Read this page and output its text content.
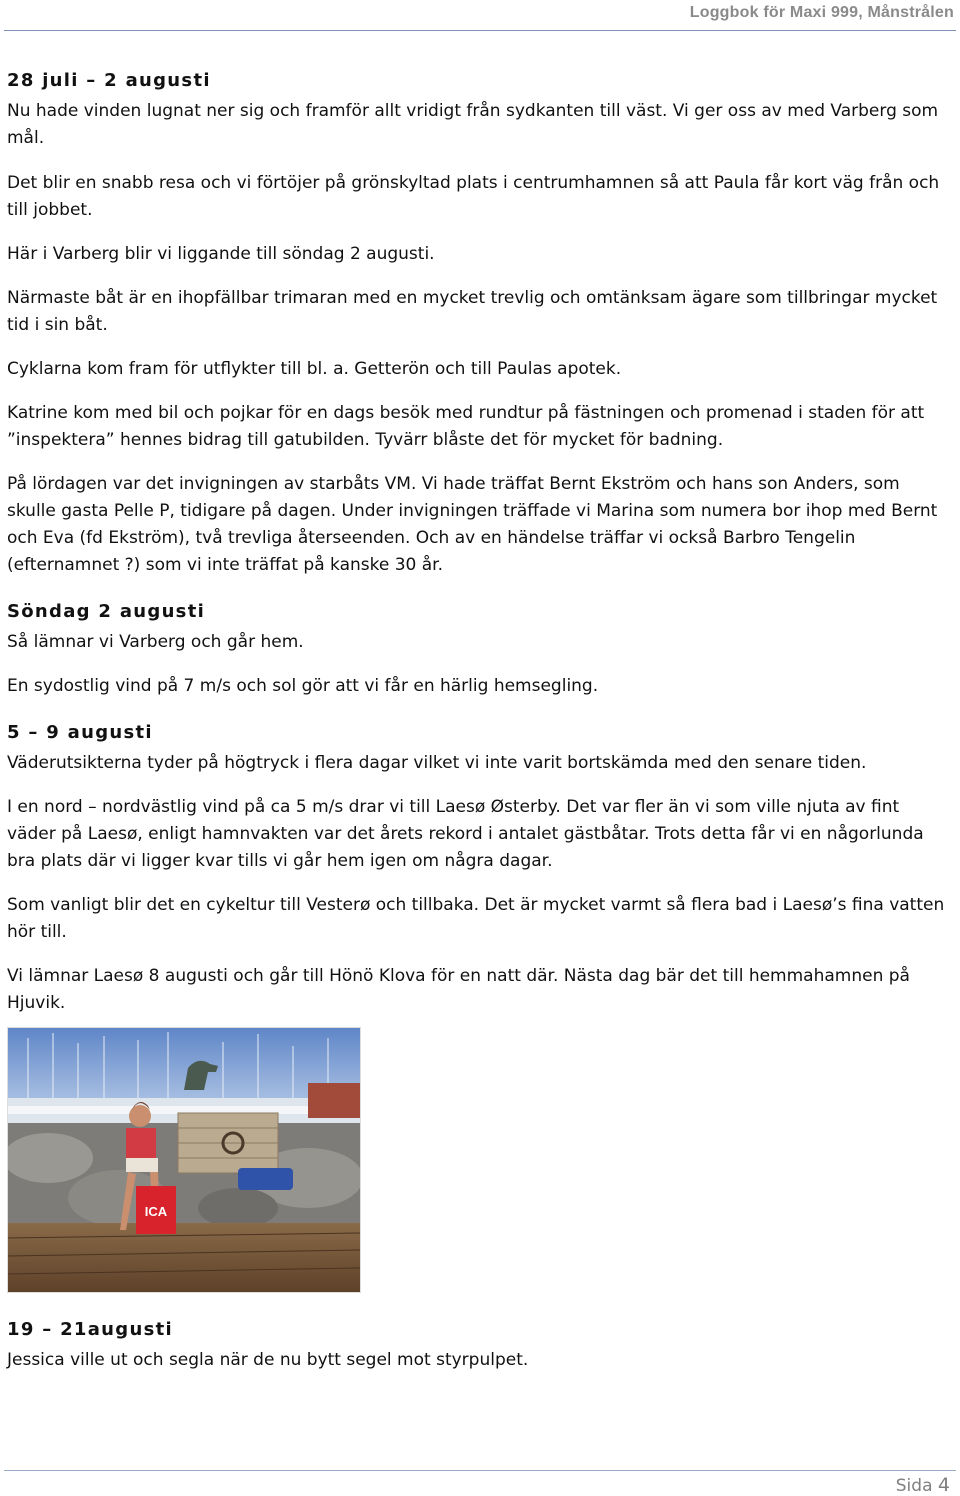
Loggbok för Maxi 999, Månstrålen
28 juli – 2 augusti

Nu hade vinden lugnat ner sig och framför allt vridigt från sydkanten till väst. Vi ger oss av med Varberg som mål.

Det blir en snabb resa och vi förtöjer på grönskyltad plats i centrumhamnen så att Paula får kort väg från och till jobbet.

Här i Varberg blir vi liggande till söndag 2 augusti.

Närmaste båt är en ihopfällbar trimaran med en mycket trevlig och omtänksam ägare som tillbringar mycket tid i sin båt.

Cyklarna kom fram för utflykter till bl. a. Getterön och till Paulas apotek.

Katrine kom med bil och pojkar för en dags besök med rundtur på fästningen och promenad i staden för att ”inspektera” hennes bidrag till gatubilden. Tyvärr blåste det för mycket för badning.

På lördagen var det invigningen av starbåts VM. Vi hade träffat Bernt Ekström och hans son Anders, som skulle gasta Pelle P, tidigare på dagen. Under invigningen träffade vi Marina som numera bor ihop med Bernt och Eva (fd Ekström), två trevliga återseenden. Och av en händelse träffar vi också Barbro Tengelin (efternamnet ?) som vi inte träffat på kanske 30 år.

Söndag 2 augusti

Så lämnar vi Varberg och går hem.

En sydostlig vind på 7 m/s och sol gör att vi får en härlig hemsegling.

5 – 9 augusti

Väderutsikterna tyder på högtryck i flera dagar vilket vi inte varit bortskämda med den senare tiden.

I en nord – nordvästlig vind på ca 5 m/s drar vi till Laesø Østerby. Det var fler än vi som ville njuta av fint väder på Laesø, enligt hamnvakten var det årets rekord i antalet gästbåtar. Trots detta får vi en någorlunda bra plats där vi ligger kvar tills vi går hem igen om några dagar.

Som vanligt blir det en cykeltur till Vesterø och tillbaka. Det är mycket varmt så flera bad i Laesø’s fina vatten hör till.

Vi lämnar Laesø 8 augusti och går till Hönö Klova för en natt där. Nästa dag bär det till hemmahamnen på Hjuvik.

ICA
19 – 21augusti

Jessica ville ut och segla när de nu bytt segel mot styrpulpet.

Sida 4
